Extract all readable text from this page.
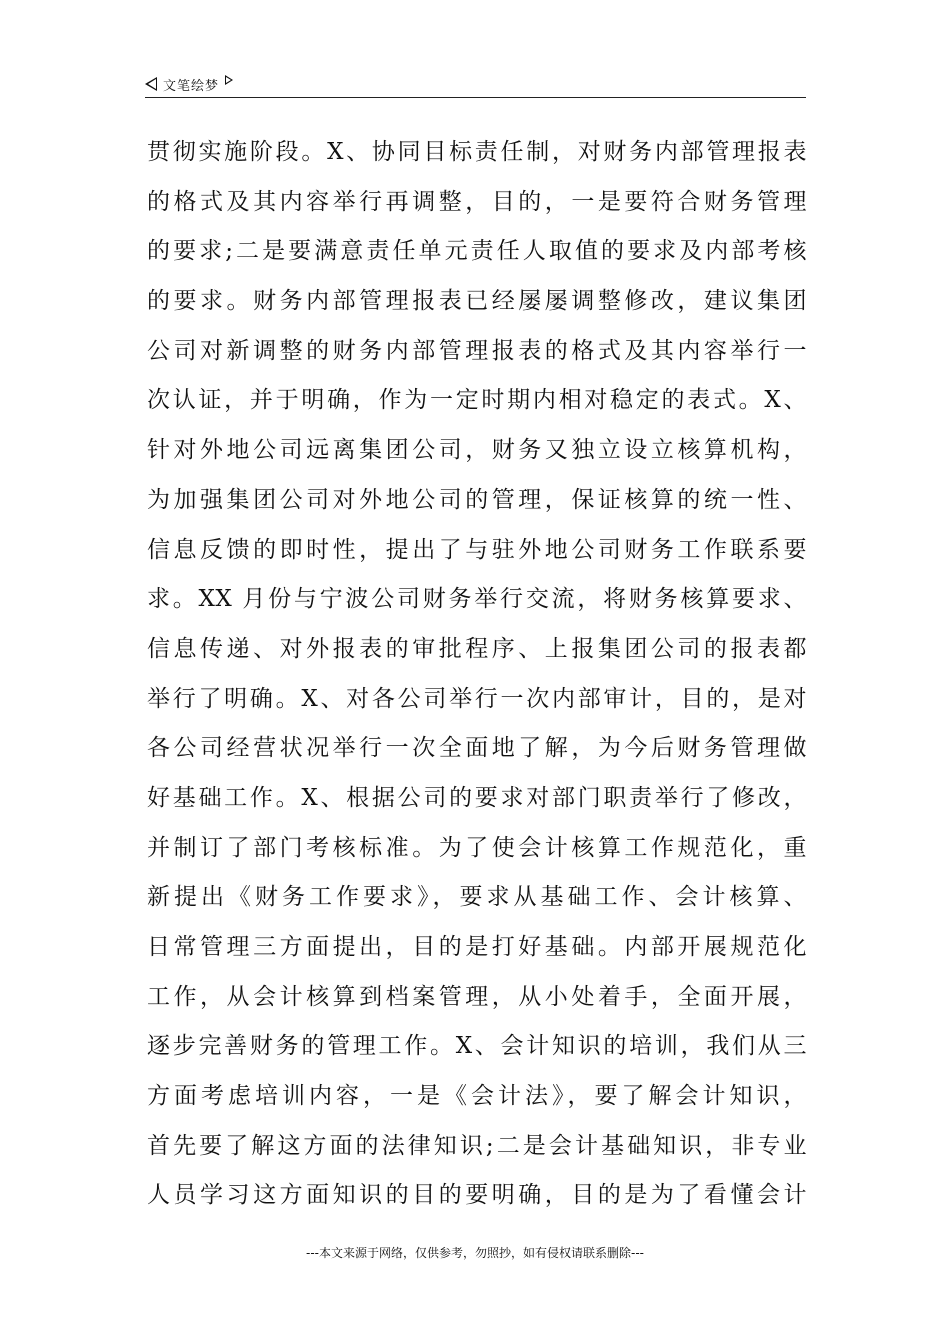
文笔绘梦
贯彻实施阶段。X、协同目标责任制，对财务内部管理报表
的格式及其内容举行再调整，目的，一是要符合财务管理
的要求;二是要满意责任单元责任人取值的要求及内部考核
的要求。财务内部管理报表已经屡屡调整修改，建议集团
公司对新调整的财务内部管理报表的格式及其内容举行一
次认证，并于明确，作为一定时期内相对稳定的表式。X、
针对外地公司远离集团公司，财务又独立设立核算机构，
为加强集团公司对外地公司的管理，保证核算的统一性、
信息反馈的即时性，提出了与驻外地公司财务工作联系要
求。XX 月份与宁波公司财务举行交流，将财务核算要求、
信息传递、对外报表的审批程序、上报集团公司的报表都
举行了明确。X、对各公司举行一次内部审计，目的，是对
各公司经营状况举行一次全面地了解，为今后财务管理做
好基础工作。X、根据公司的要求对部门职责举行了修改，
并制订了部门考核标准。为了使会计核算工作规范化，重
新提出《财务工作要求》，要求从基础工作、会计核算、
日常管理三方面提出，目的是打好基础。内部开展规范化
工作，从会计核算到档案管理，从小处着手，全面开展，
逐步完善财务的管理工作。X、会计知识的培训，我们从三
方面考虑培训内容，一是《会计法》，要了解会计知识，
首先要了解这方面的法律知识;二是会计基础知识，非专业
人员学习这方面知识的目的要明确，目的是为了看懂会计
---本文来源于网络，仅供参考，勿照抄，如有侵权请联系删除---
